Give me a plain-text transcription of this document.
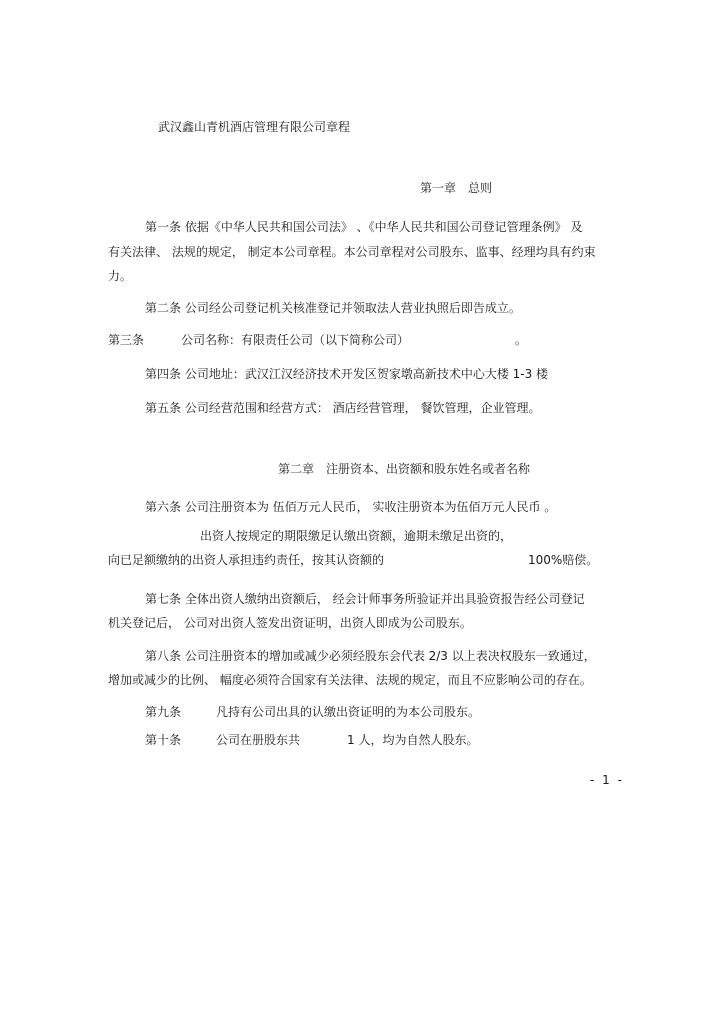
武汉鑫山青机酒店管理有限公司章程
第一章　总则
第一条 依据《中华人民共和国公司法》 、《中华人民共和国公司登记管理条例》 及
有关法律、 法规的规定， 制定本公司章程。本公司章程对公司股东、监事、经理均具有约束
力。
第二条 公司经公司登记机关核准登记并领取法人营业执照后即告成立。
第三条	公司名称：有限责任公司（以下简称公司）	。
第四条 公司地址：武汉江汉经济技术开发区贺家墩高新技术中心大楼 1-3 楼
第五条 公司经营范围和经营方式： 酒店经营管理， 餐饮管理，企业管理。
第二章　注册资本、出资额和股东姓名或者名称
第六条 公司注册资本为 伍佰万元人民币， 实收注册资本为伍佰万元人民币 。
出资人按规定的期限缴足认缴出资额，逾期未缴足出资的，
向已足额缴纳的出资人承担违约责任，按其认资额的	100%赔偿。
第七条 全体出资人缴纳出资额后， 经会计师事务所验证并出具验资报告经公司登记
机关登记后， 公司对出资人签发出资证明，出资人即成为公司股东。
第八条 公司注册资本的增加或减少必须经股东会代表 2/3 以上表决权股东一致通过，
增加或减少的比例、 幅度必须符合国家有关法律、法规的规定，而且不应影响公司的存在。
第九条	凡持有公司出具的认缴出资证明的为本公司股东。
第十条	公司在册股东共	1 人，均为自然人股东。
- 1 -
